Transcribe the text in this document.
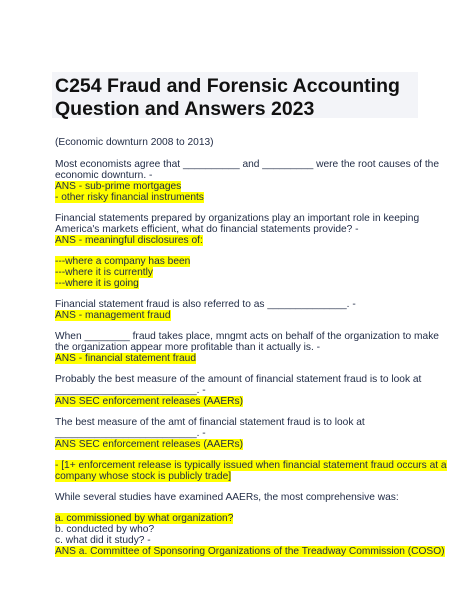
C254 Fraud and Forensic Accounting
Question and Answers 2023
(Economic downturn 2008 to 2013)
Most economists agree that __________ and _________ were the root causes of the
economic downturn. -
ANS - sub-prime mortgages
- other risky financial instruments
Financial statements prepared by organizations play an important role in keeping
America's markets efficient, what do financial statements provide? -
ANS - meaningful disclosures of:
---where a company has been
---where it is currently
---where it is going
Financial statement fraud is also referred to as ______________. -
ANS - management fraud
When ________ fraud takes place, mngmt acts on behalf of the organization to make
the organization appear more profitable than it actually is. -
ANS - financial statement fraud
Probably the best measure of the amount of financial statement fraud is to look at
_________________________. -
ANS SEC enforcement releases (AAERs)
The best measure of the amt of financial statement fraud is to look at
_________________________. -
ANS SEC enforcement releases (AAERs)
- [1+ enforcement release is typically issued when financial statement fraud occurs at a
company whose stock is publicly trade]
While several studies have examined AAERs, the most comprehensive was:
a. commissioned by what organization?
b. conducted by who?
c. what did it study? -
ANS a. Committee of Sponsoring Organizations of the Treadway Commission (COSO)
